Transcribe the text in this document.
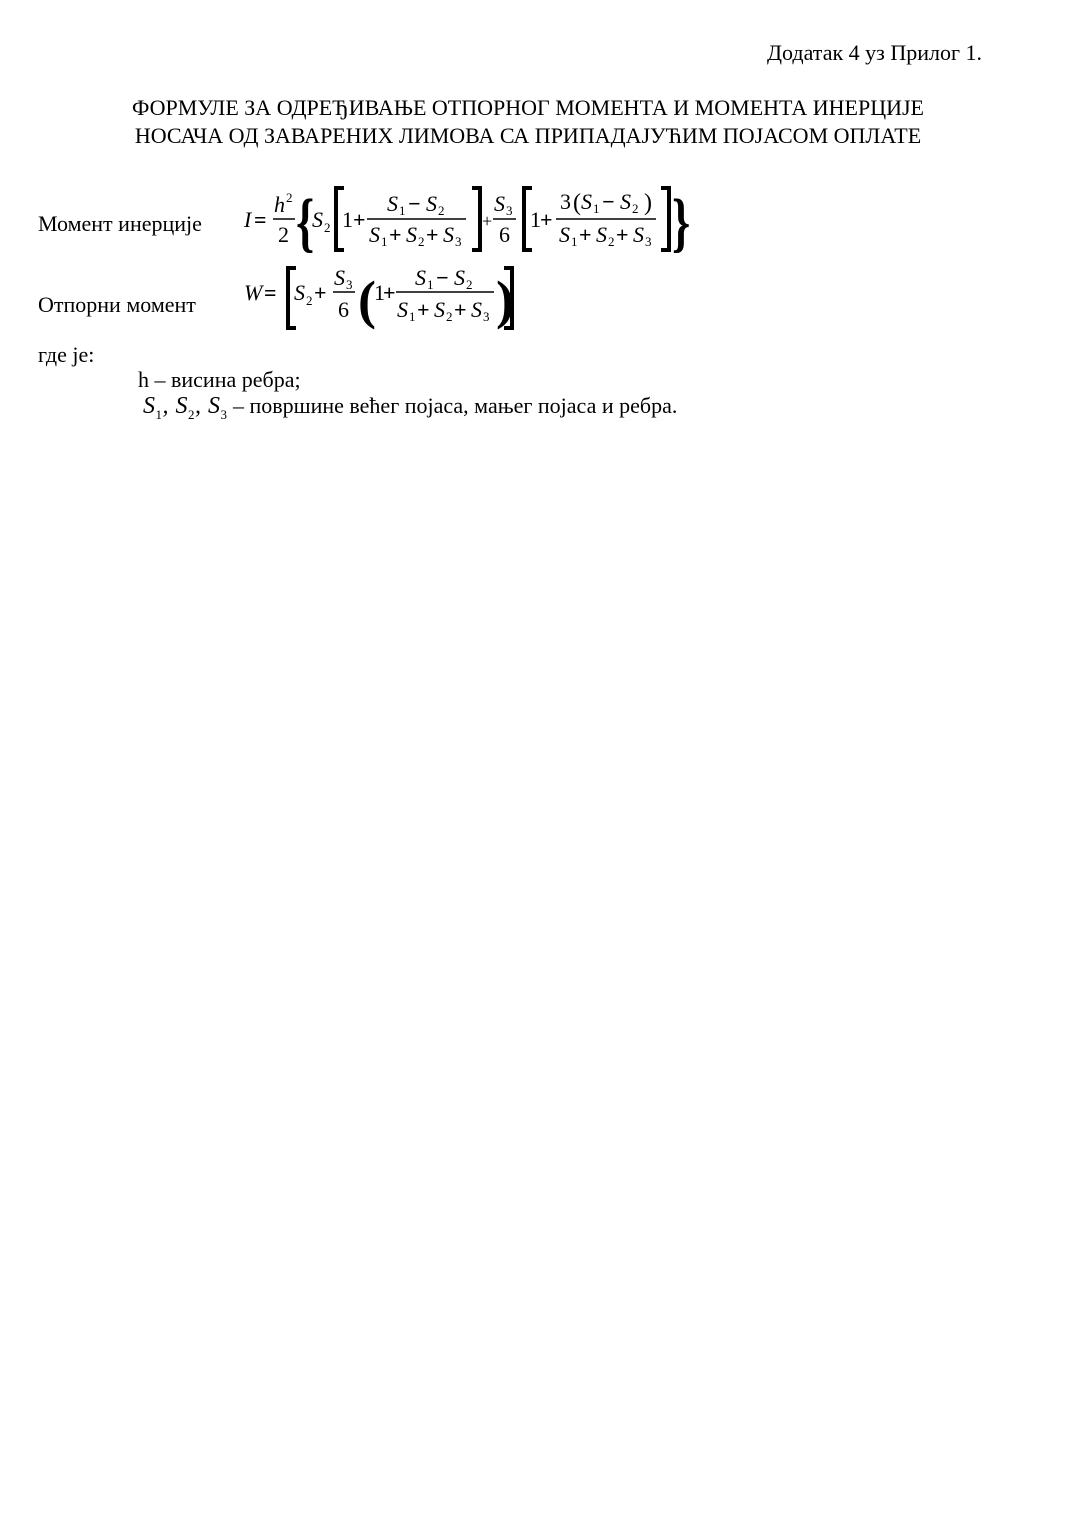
Додатак 4 уз Прилог 1.
ФОРМУЛЕ ЗА ОДРЕЂИВАЊЕ ОТПОРНОГ МОМЕНТА И МОМЕНТА ИНЕРЦИЈЕ
НОСАЧА ОД ЗАВАРЕНИХ ЛИМОВА СА ПРИПАДАЈУЋИМ ПОЈАСОМ ОПЛАТЕ
Момент инерције I =
h 2
2 {
S 2 1 +
S 1 − S 2
S 1 + S 2 + S 3
+
S 3
6
1 +
3 ( S 1 − S 2 )
S 1 + S 2 + S 3 }
Отпорни момент W = S 2 +
S 3
6 (
1
+
S 1 − S 2
S 1 + S 2 + S 3 )
где је:
h – висина ребра;
$S_1$, $S_2$, $S_3$ – површине већег појаса, мањег појаса и ребра.
